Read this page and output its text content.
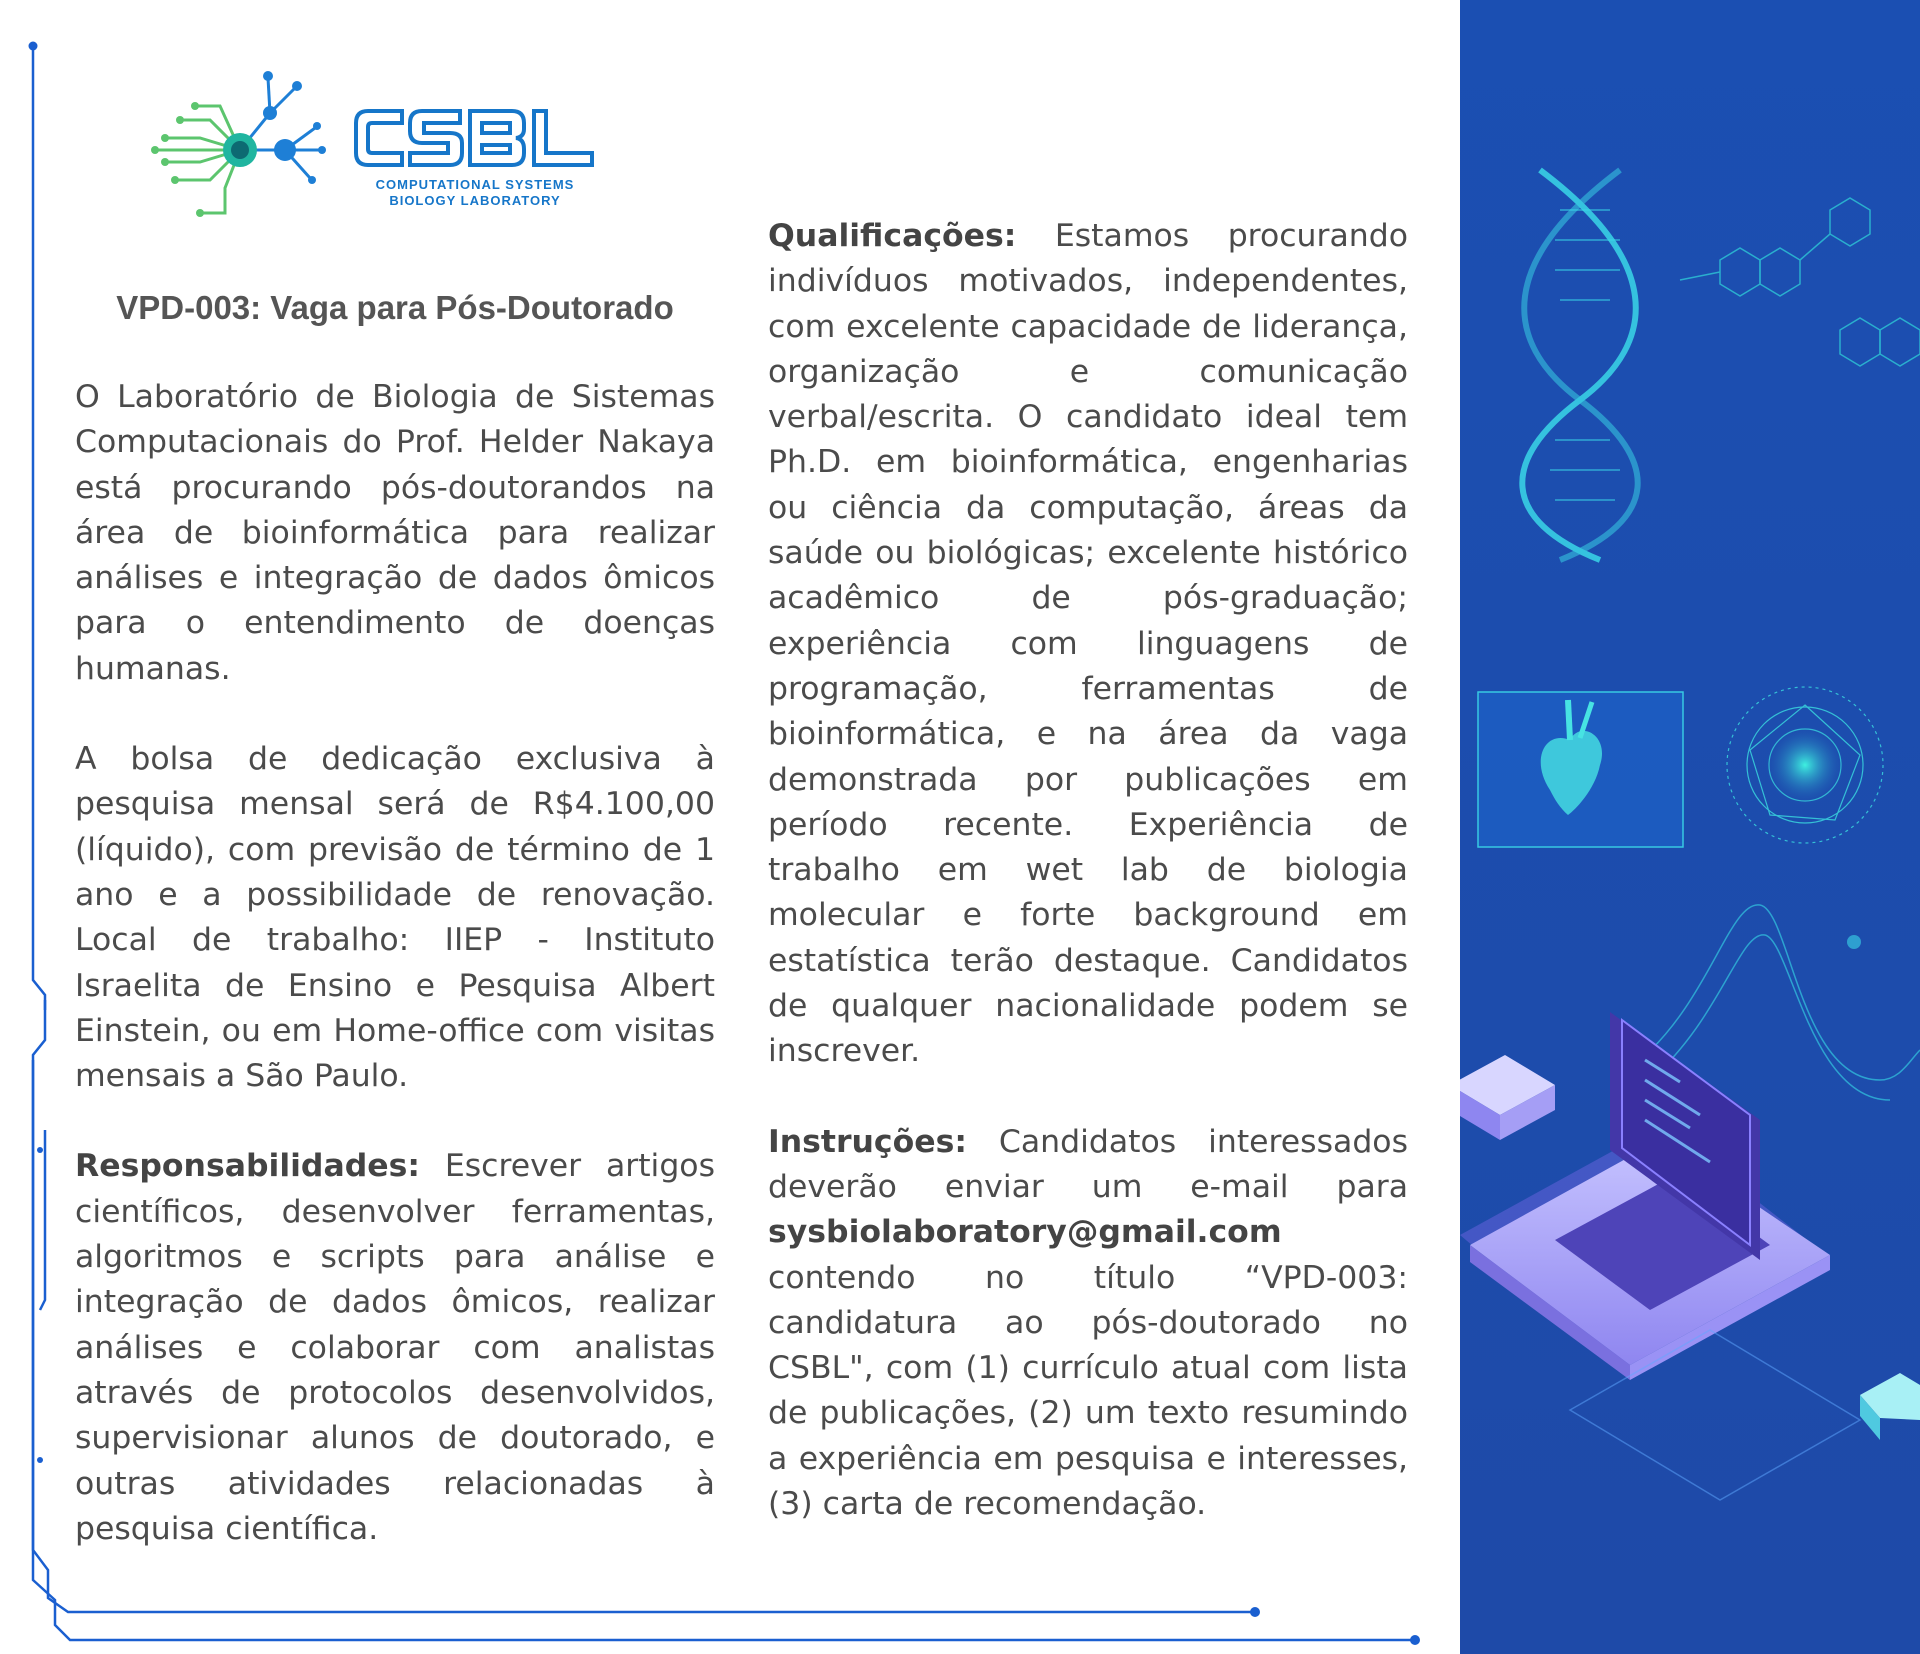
COMPUTATIONAL SYSTEMS
BIOLOGY LABORATORY
VPD-003: Vaga para Pós-Doutorado

O Laboratório de Biologia de Sistemas Computacionais do Prof. Helder Nakaya está procurando pós-doutorandos na área de bioinformática para realizar análises e integração de dados ômicos para o entendimento de doenças humanas.

A bolsa de dedicação exclusiva à pesquisa mensal será de R$4.100,00 (líquido), com previsão de término de 1 ano e a possibilidade de renovação. Local de trabalho: IIEP - Instituto Israelita de Ensino e Pesquisa Albert Einstein, ou em Home-office com visitas mensais a São Paulo.

Responsabilidades: Escrever artigos científicos, desenvolver ferramentas, algoritmos e scripts para análise e integração de dados ômicos, realizar análises e colaborar com analistas através de protocolos desenvolvidos, supervisionar alunos de doutorado, e outras atividades relacionadas à pesquisa científica.

Qualificações: Estamos procurando indivíduos motivados, independentes, com excelente capacidade de liderança, organização e comunicação verbal/escrita. O candidato ideal tem Ph.D. em bioinformática, engenharias ou ciência da computação, áreas da saúde ou biológicas; excelente histórico acadêmico de pós-graduação; experiência com linguagens de programação, ferramentas de bioinformática, e na área da vaga demonstrada por publicações em período recente. Experiência de trabalho em wet lab de biologia molecular e forte background em estatística terão destaque. Candidatos de qualquer nacionalidade podem se inscrever.

Instruções: Candidatos interessados deverão enviar um e-mail para sysbiolaboratory@gmail.com contendo no título “VPD-003: candidatura ao pós-doutorado no CSBL", com (1) currículo atual com lista de publicações, (2) um texto resumindo a experiência em pesquisa e interesses, (3) carta de recomendação.
